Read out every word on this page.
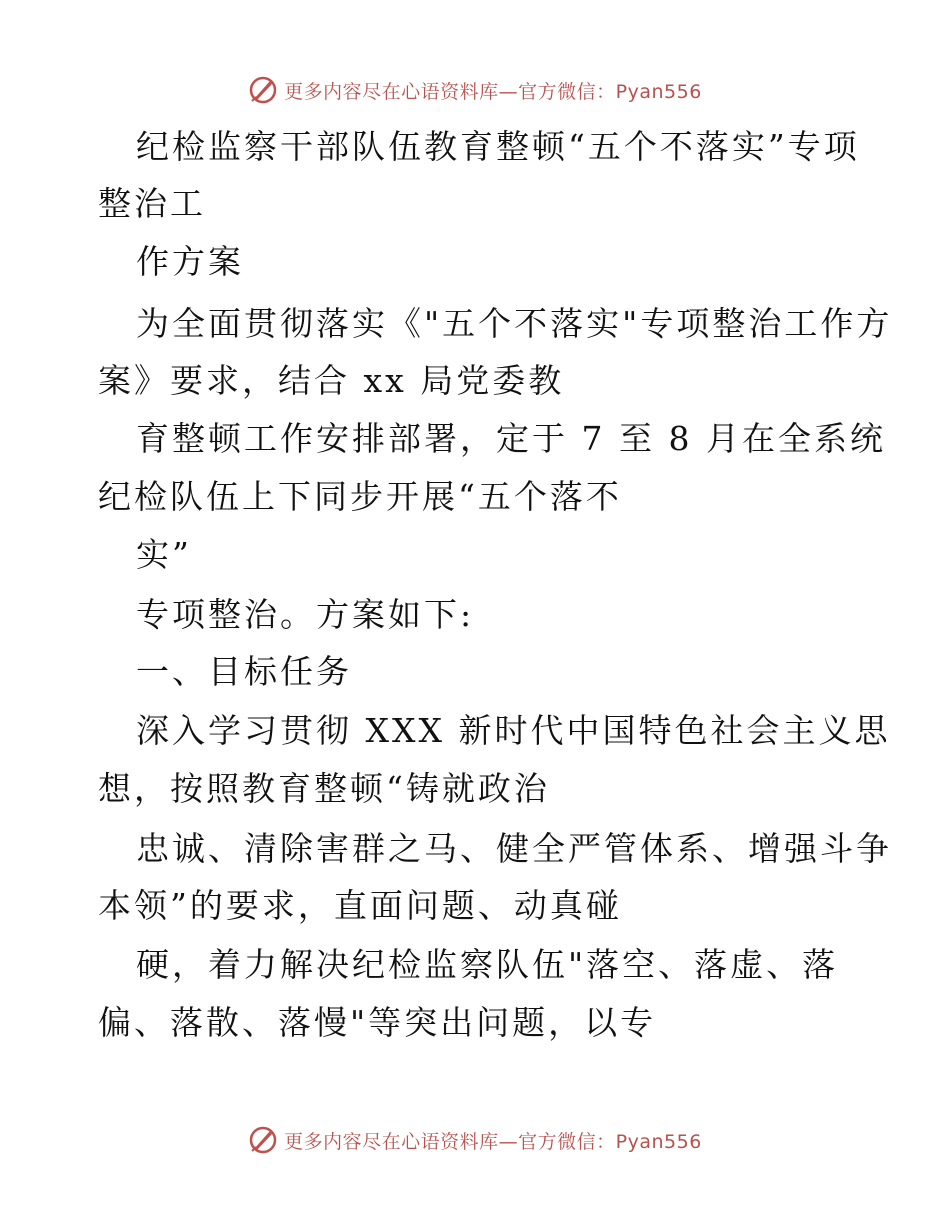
更多内容尽在心语资料库—官方微信：Pyan556
纪检监察干部队伍教育整顿“五个不落实”专项
整治工
作方案
为全面贯彻落实《"五个不落实"专项整治工作方
案》要求，结合 xx 局党委教
育整顿工作安排部署，定于 7 至 8 月在全系统
纪检队伍上下同步开展“五个落不
实”
专项整治。方案如下:
一、目标任务
深入学习贯彻 XXX 新时代中国特色社会主义思
想，按照教育整顿“铸就政治
忠诚、清除害群之马、健全严管体系、增强斗争
本领”的要求，直面问题、动真碰
硬，着力解决纪检监察队伍"落空、落虚、落
偏、落散、落慢"等突出问题，以专
更多内容尽在心语资料库—官方微信：Pyan556
